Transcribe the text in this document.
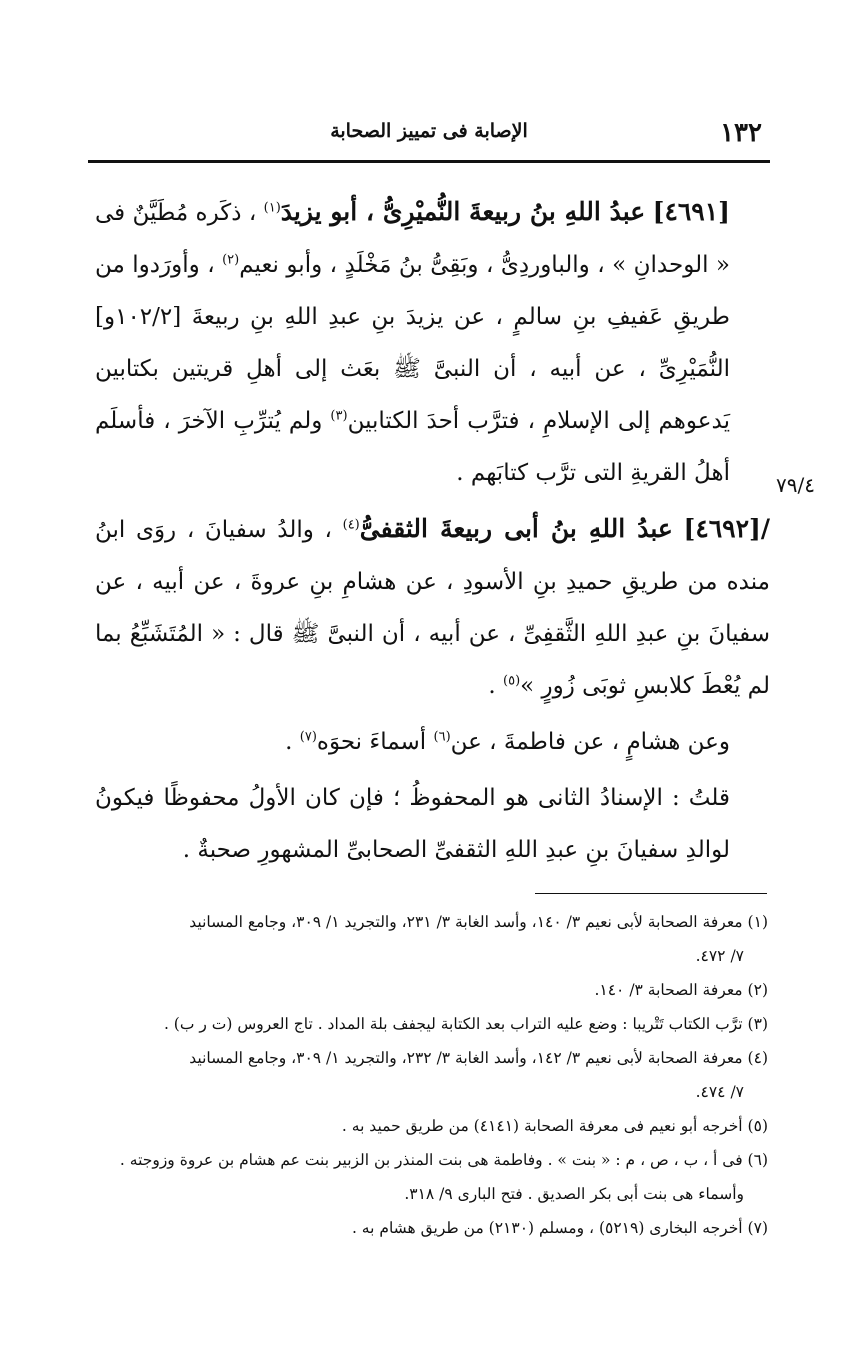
١٣٢
الإصابة فى تمييز الصحابة
٧٩/٤

[٤٦٩١] عبدُ اللهِ بنُ ربيعةَ النُّميْرِىُّ ، أبو يزيدَ$^{(١)}$ ، ذكَره مُطَيَّنٌ فى « الوحدانِ » ، والباوردِىُّ ، وبَقِىُّ بنُ مَخْلَدٍ ، وأبو نعيم$^{(٢)}$ ، وأورَدوا من طريقِ عَفيفِ بنِ سالمٍ ، عن يزيدَ بنِ عبدِ اللهِ بنِ ربيعةَ [١٠٢/٢و] النُّمَيْرِىِّ ، عن أبيه ، أن النبىَّ ﷺ بعَث إلى أهلِ قريتين بكتابين يَدعوهم إلى الإسلامِ ، فترَّب أحدَ الكتابين$^{(٣)}$ ولم يُترِّبِ الآخرَ ، فأسلَم أهلُ القريةِ التى ترَّب كتابَهم .

/[٤٦٩٢] عبدُ اللهِ بنُ أبى ربيعةَ الثقفىُّ$^{(٤)}$ ، والدُ سفيانَ ، روَى ابنُ منده من طريقِ حميدِ بنِ الأسودِ ، عن هشامِ بنِ عروةَ ، عن أبيه ، عن سفيانَ بنِ عبدِ اللهِ الثَّقفِىِّ ، عن أبيه ، أن النبىَّ ﷺ قال : « المُتَشَبِّعُ بما لم يُعْطَ كلابسِ ثوبَى زُورٍ »$^{(٥)}$ .

وعن هشامٍ ، عن فاطمةَ ، عن$^{(٦)}$ أسماءَ نحوَه$^{(٧)}$ .

قلتُ : الإسنادُ الثانى هو المحفوظُ ؛ فإن كان الأولُ محفوظًا فيكونُ لوالدِ سفيانَ بنِ عبدِ اللهِ الثقفىِّ الصحابىِّ المشهورِ صحبةٌ .

(١) معرفة الصحابة لأبى نعيم ٣/ ١٤٠، وأسد الغابة ٣/ ٢٣١، والتجريد ١/ ٣٠٩، وجامع المسانيد
٧/ ٤٧٢.

(٢) معرفة الصحابة ٣/ ١٤٠.

(٣) ترَّب الكتاب تَتْريبا : وضع عليه التراب بعد الكتابة ليجفف بلة المداد . تاج العروس (ت ر ب) .

(٤) معرفة الصحابة لأبى نعيم ٣/ ١٤٢، وأسد الغابة ٣/ ٢٣٢، والتجريد ١/ ٣٠٩، وجامع المسانيد
٧/ ٤٧٤.

(٥) أخرجه أبو نعيم فى معرفة الصحابة (٤١٤١) من طريق حميد به .

(٦) فى أ ، ب ، ص ، م : « بنت » . وفاطمة هى بنت المنذر بن الزبير بنت عم هشام بن عروة وزوجته .
وأسماء هى بنت أبى بكر الصديق . فتح البارى ٩/ ٣١٨.

(٧) أخرجه البخارى (٥٢١٩) ، ومسلم (٢١٣٠) من طريق هشام به .
